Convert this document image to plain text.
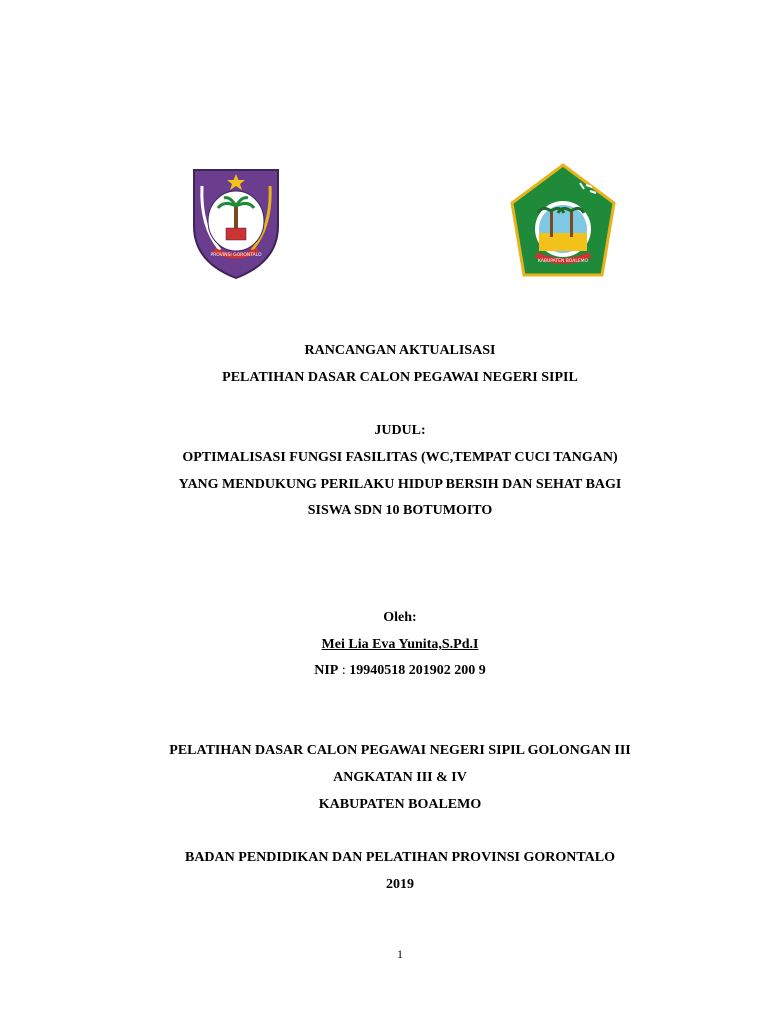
PROVINSI GORONTALO
KABUPATEN BOALEMO
RANCANGAN AKTUALISASI
PELATIHAN DASAR CALON PEGAWAI NEGERI SIPIL
JUDUL:
OPTIMALISASI FUNGSI FASILITAS (WC,TEMPAT CUCI TANGAN)
YANG MENDUKUNG PERILAKU HIDUP BERSIH DAN SEHAT BAGI
SISWA SDN 10 BOTUMOITO
Oleh:
Mei Lia Eva Yunita,S.Pd.I
NIP : 19940518 201902 200 9
PELATIHAN DASAR CALON PEGAWAI NEGERI SIPIL GOLONGAN III
ANGKATAN III & IV
KABUPATEN BOALEMO
BADAN PENDIDIKAN DAN PELATIHAN PROVINSI GORONTALO
2019
1
